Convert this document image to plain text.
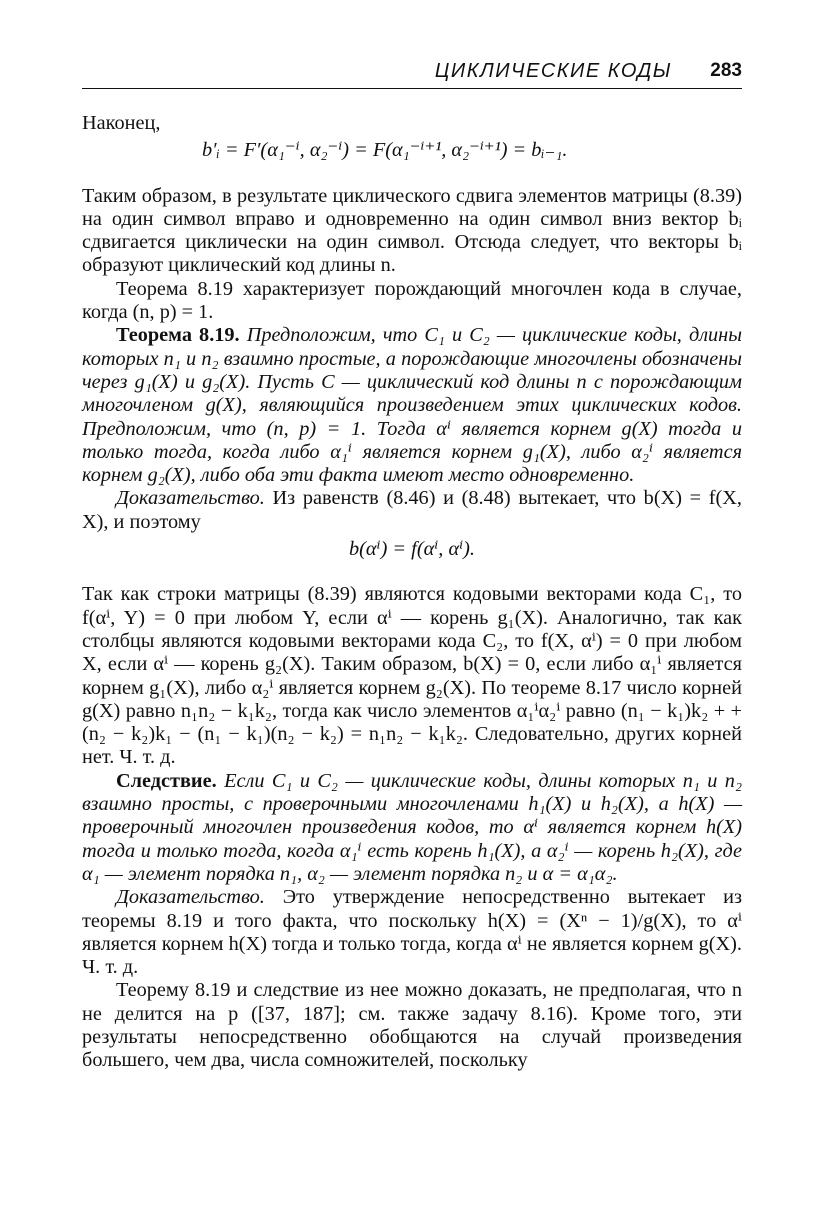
ЦИКЛИЧЕСКИЕ КОДЫ 283

Наконец,

b′ᵢ = F′(α₁⁻ⁱ, α₂⁻ⁱ) = F(α₁⁻ⁱ⁺¹, α₂⁻ⁱ⁺¹) = bᵢ₋₁.

Таким образом, в результате циклического сдвига элементов матрицы (8.39) на один символ вправо и одновременно на один символ вниз вектор bᵢ сдвигается циклически на один символ. Отсюда следует, что векторы bᵢ образуют циклический код длины n.

Теорема 8.19 характеризует порождающий многочлен кода в случае, когда (n, p) = 1.

Теорема 8.19. Предположим, что C₁ и C₂ — циклические коды, длины которых n₁ и n₂ взаимно простые, а порождающие многочлены обозначены через g₁(X) и g₂(X). Пусть C — циклический код длины n с порождающим многочленом g(X), являющийся произведением этих циклических кодов. Предположим, что (n, p) = 1. Тогда αⁱ является корнем g(X) тогда и только тогда, когда либо α₁ⁱ является корнем g₁(X), либо α₂ⁱ является корнем g₂(X), либо оба эти факта имеют место одновременно.

Доказательство. Из равенств (8.46) и (8.48) вытекает, что b(X) = f(X, X), и поэтому

b(αⁱ) = f(αⁱ, αⁱ).

Так как строки матрицы (8.39) являются кодовыми векторами кода C₁, то f(αⁱ, Y) = 0 при любом Y, если αⁱ — корень g₁(X). Аналогично, так как столбцы являются кодовыми векторами кода C₂, то f(X, αⁱ) = 0 при любом X, если αⁱ — корень g₂(X). Таким образом, b(X) = 0, если либо α₁ⁱ является корнем g₁(X), либо α₂ⁱ является корнем g₂(X). По теореме 8.17 число корней g(X) равно n₁n₂ − k₁k₂, тогда как число элементов α₁ⁱα₂ⁱ равно (n₁ − k₁)k₂ + + (n₂ − k₂)k₁ − (n₁ − k₁)(n₂ − k₂) = n₁n₂ − k₁k₂. Следовательно, других корней нет. Ч. т. д.

Следствие. Если C₁ и C₂ — циклические коды, длины которых n₁ и n₂ взаимно просты, с проверочными многочленами h₁(X) и h₂(X), а h(X) — проверочный многочлен произведения кодов, то αⁱ является корнем h(X) тогда и только тогда, когда α₁ⁱ есть корень h₁(X), а α₂ⁱ — корень h₂(X), где α₁ — элемент порядка n₁, α₂ — элемент порядка n₂ и α = α₁α₂.

Доказательство. Это утверждение непосредственно вытекает из теоремы 8.19 и того факта, что поскольку h(X) = (Xⁿ − 1)/g(X), то αⁱ является корнем h(X) тогда и только тогда, когда αⁱ не является корнем g(X). Ч. т. д.

Теорему 8.19 и следствие из нее можно доказать, не предполагая, что n не делится на p ([37, 187]; см. также задачу 8.16). Кроме того, эти результаты непосредственно обобщаются на случай произведения большего, чем два, числа сомножителей, поскольку
